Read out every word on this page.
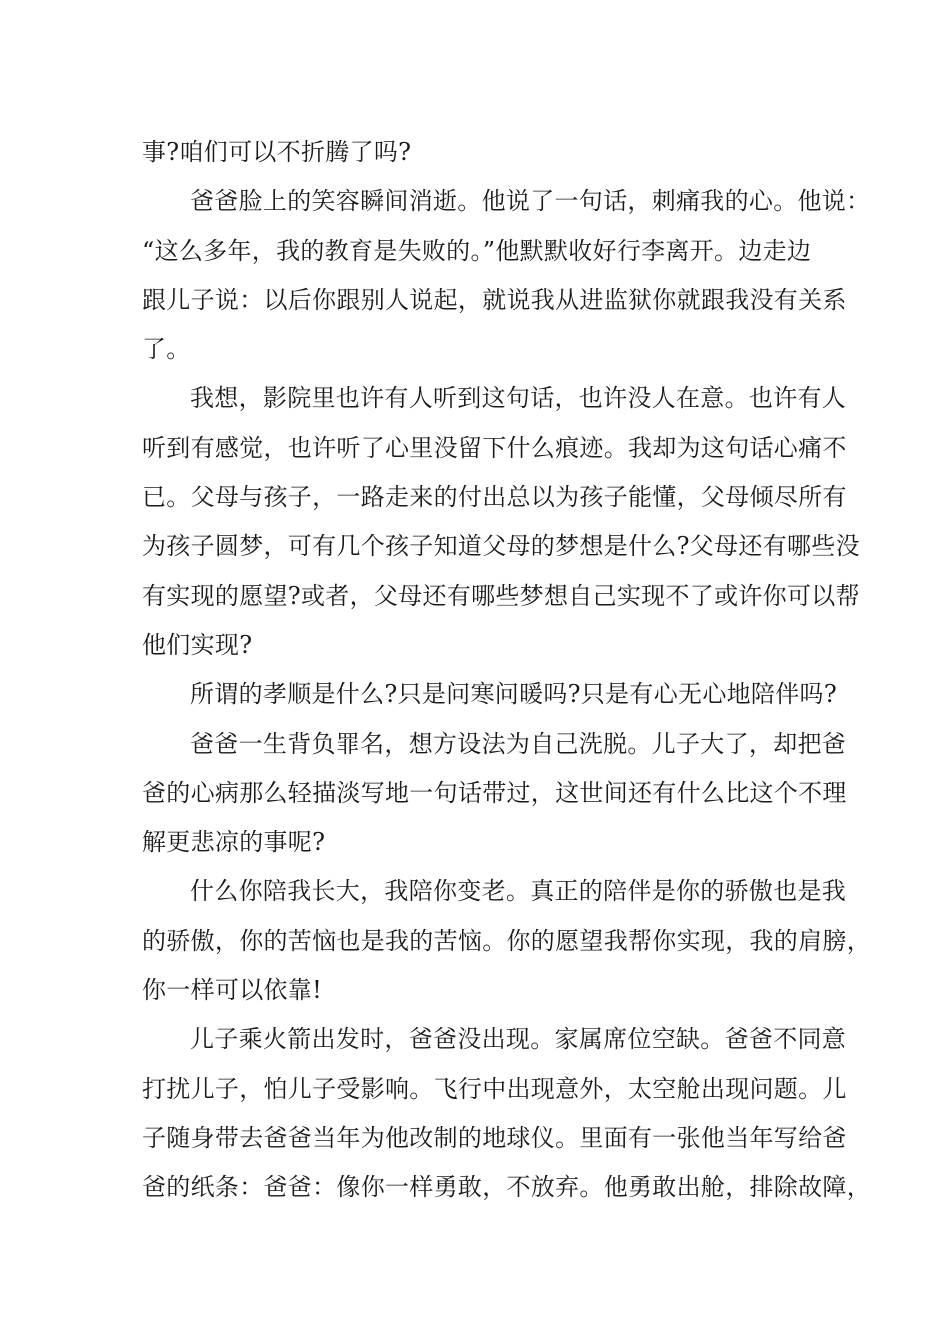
事?咱们可以不折腾了吗?
爸爸脸上的笑容瞬间消逝。他说了一句话，刺痛我的心。他说：
“这么多年，我的教育是失败的。”他默默收好行李离开。边走边
跟儿子说：以后你跟别人说起，就说我从进监狱你就跟我没有关系
了。
我想，影院里也许有人听到这句话，也许没人在意。也许有人
听到有感觉，也许听了心里没留下什么痕迹。我却为这句话心痛不
已。父母与孩子，一路走来的付出总以为孩子能懂，父母倾尽所有
为孩子圆梦，可有几个孩子知道父母的梦想是什么?父母还有哪些没
有实现的愿望?或者，父母还有哪些梦想自己实现不了或许你可以帮
他们实现?
所谓的孝顺是什么?只是问寒问暖吗?只是有心无心地陪伴吗?
爸爸一生背负罪名，想方设法为自己洗脱。儿子大了，却把爸
爸的心病那么轻描淡写地一句话带过，这世间还有什么比这个不理
解更悲凉的事呢?
什么你陪我长大，我陪你变老。真正的陪伴是你的骄傲也是我
的骄傲，你的苦恼也是我的苦恼。你的愿望我帮你实现，我的肩膀，
你一样可以依靠!
儿子乘火箭出发时，爸爸没出现。家属席位空缺。爸爸不同意
打扰儿子，怕儿子受影响。飞行中出现意外，太空舱出现问题。儿
子随身带去爸爸当年为他改制的地球仪。里面有一张他当年写给爸
爸的纸条：爸爸：像你一样勇敢，不放弃。他勇敢出舱，排除故障，
